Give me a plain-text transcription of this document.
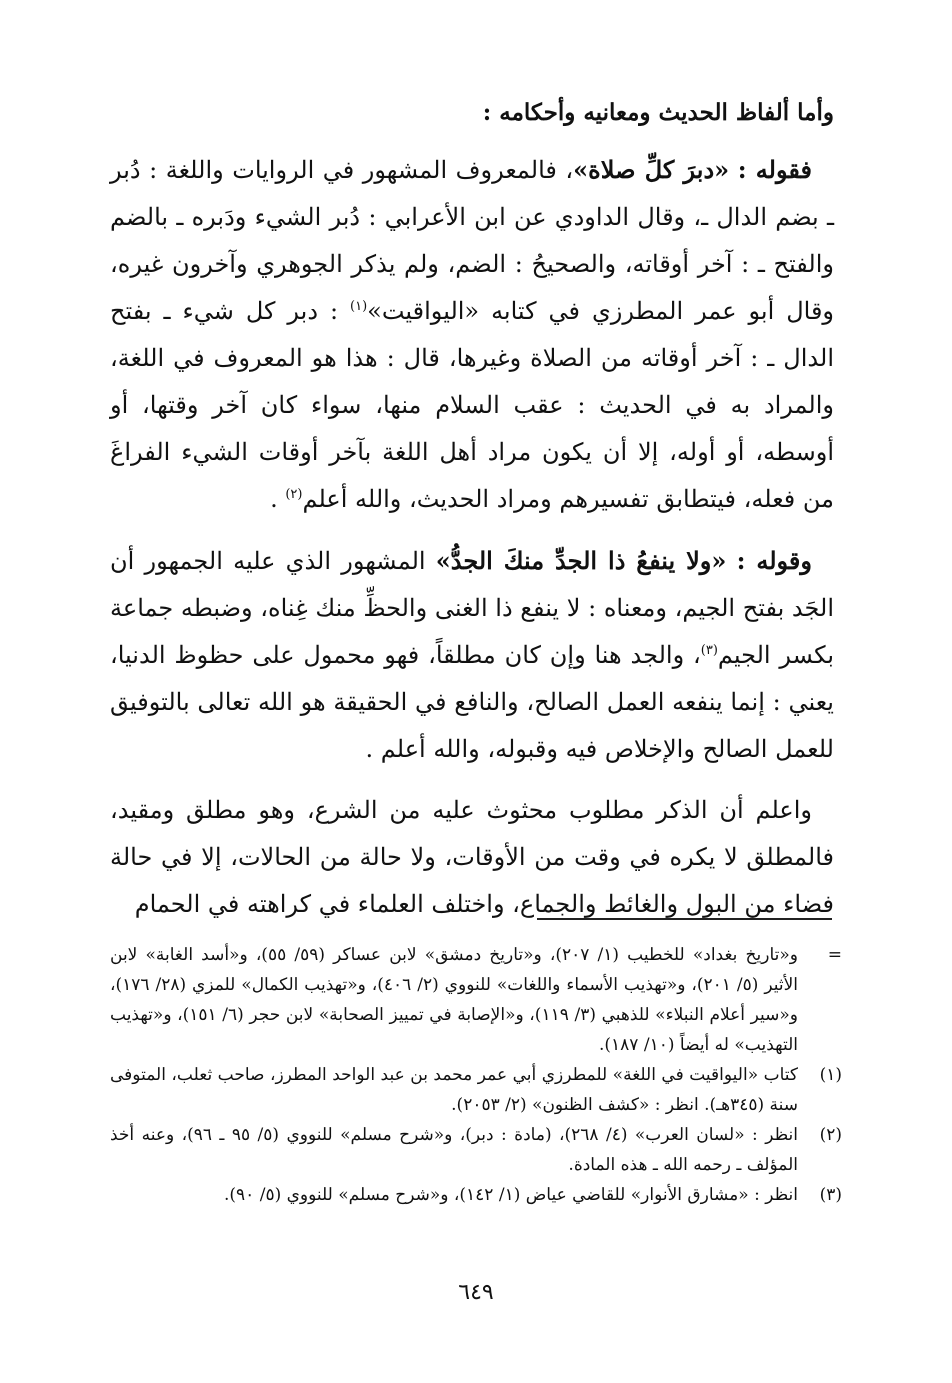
وأما ألفاظ الحديث ومعانيه وأحكامه :

فقوله : «دبرَ كلِّ صلاة»، فالمعروف المشهور في الروايات واللغة : دُبر ـ بضم الدال ـ، وقال الداودي عن ابن الأعرابي : دُبر الشيء ودَبره ـ بالضم والفتح ـ : آخر أوقاته، والصحيحُ : الضم، ولم يذكر الجوهري وآخرون غيره، وقال أبو عمر المطرزي في كتابه «اليواقيت»$^{(١)}$ : دبر كل شيء ـ بفتح الدال ـ : آخر أوقاته من الصلاة وغيرها، قال : هذا هو المعروف في اللغة، والمراد به في الحديث : عقب السلام منها، سواء كان آخر وقتها، أو أوسطه، أو أوله، إلا أن يكون مراد أهل اللغة بآخر أوقات الشيء الفراغَ من فعله، فيتطابق تفسيرهم ومراد الحديث، والله أعلم$^{(٢)}$ .

وقوله : «ولا ينفعُ ذا الجدِّ منكَ الجدُّ» المشهور الذي عليه الجمهور أن الجَد بفتح الجيم، ومعناه : لا ينفع ذا الغنى والحظِّ منك غِناه، وضبطه جماعة بكسر الجيم$^{(٣)}$، والجد هنا وإن كان مطلقاً، فهو محمول على حظوظ الدنيا، يعني : إنما ينفعه العمل الصالح، والنافع في الحقيقة هو الله تعالى بالتوفيق للعمل الصالح والإخلاص فيه وقبوله، والله أعلم .

واعلم أن الذكر مطلوب محثوث عليه من الشرع، وهو مطلق ومقيد، فالمطلق لا يكره في وقت من الأوقات، ولا حالة من الحالات، إلا في حالة فضاء من البول والغائط والجماع، واختلف العلماء في كراهته في الحمام

=
و«تاريخ بغداد» للخطيب (١/ ٢٠٧)، و«تاريخ دمشق» لابن عساكر (٥٩/ ٥٥)، و«أسد الغابة» لابن الأثير (٥/ ٢٠١)، و«تهذيب الأسماء واللغات» للنووي (٢/ ٤٠٦)، و«تهذيب الكمال» للمزي (٢٨/ ١٧٦)، و«سير أعلام النبلاء» للذهبي (٣/ ١١٩)، و«الإصابة في تمييز الصحابة» لابن حجر (٦/ ١٥١)، و«تهذيب التهذيب» له أيضاً (١٠/ ١٨٧).
(١)
كتاب «اليواقيت في اللغة» للمطرزي أبي عمر محمد بن عبد الواحد المطرز، صاحب ثعلب، المتوفى سنة (٣٤٥هـ). انظر : «كشف الظنون» (٢/ ٢٠٥٣).
(٢)
انظر : «لسان العرب» (٤/ ٢٦٨)، (مادة : دبر)، و«شرح مسلم» للنووي (٥/ ٩٥ ـ ٩٦)، وعنه أخذ المؤلف ـ رحمه الله ـ هذه المادة.
(٣)
انظر : «مشارق الأنوار» للقاضي عياض (١/ ١٤٢)، و«شرح مسلم» للنووي (٥/ ٩٠).
٦٤٩
